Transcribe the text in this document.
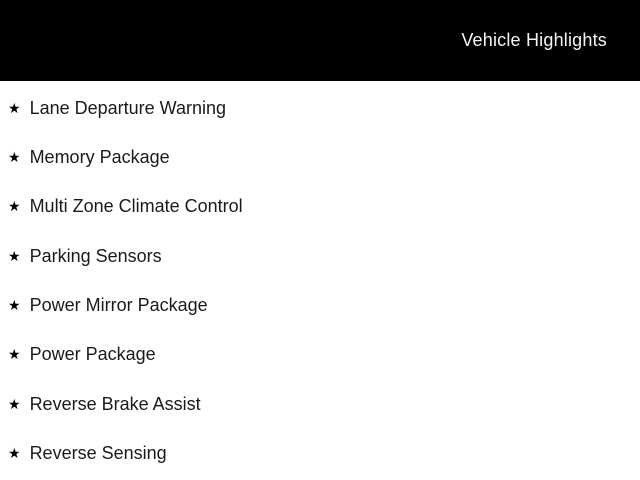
Vehicle Highlights
★ Lane Departure Warning
★ Memory Package
★ Multi Zone Climate Control
★ Parking Sensors
★ Power Mirror Package
★ Power Package
★ Reverse Brake Assist
★ Reverse Sensing
